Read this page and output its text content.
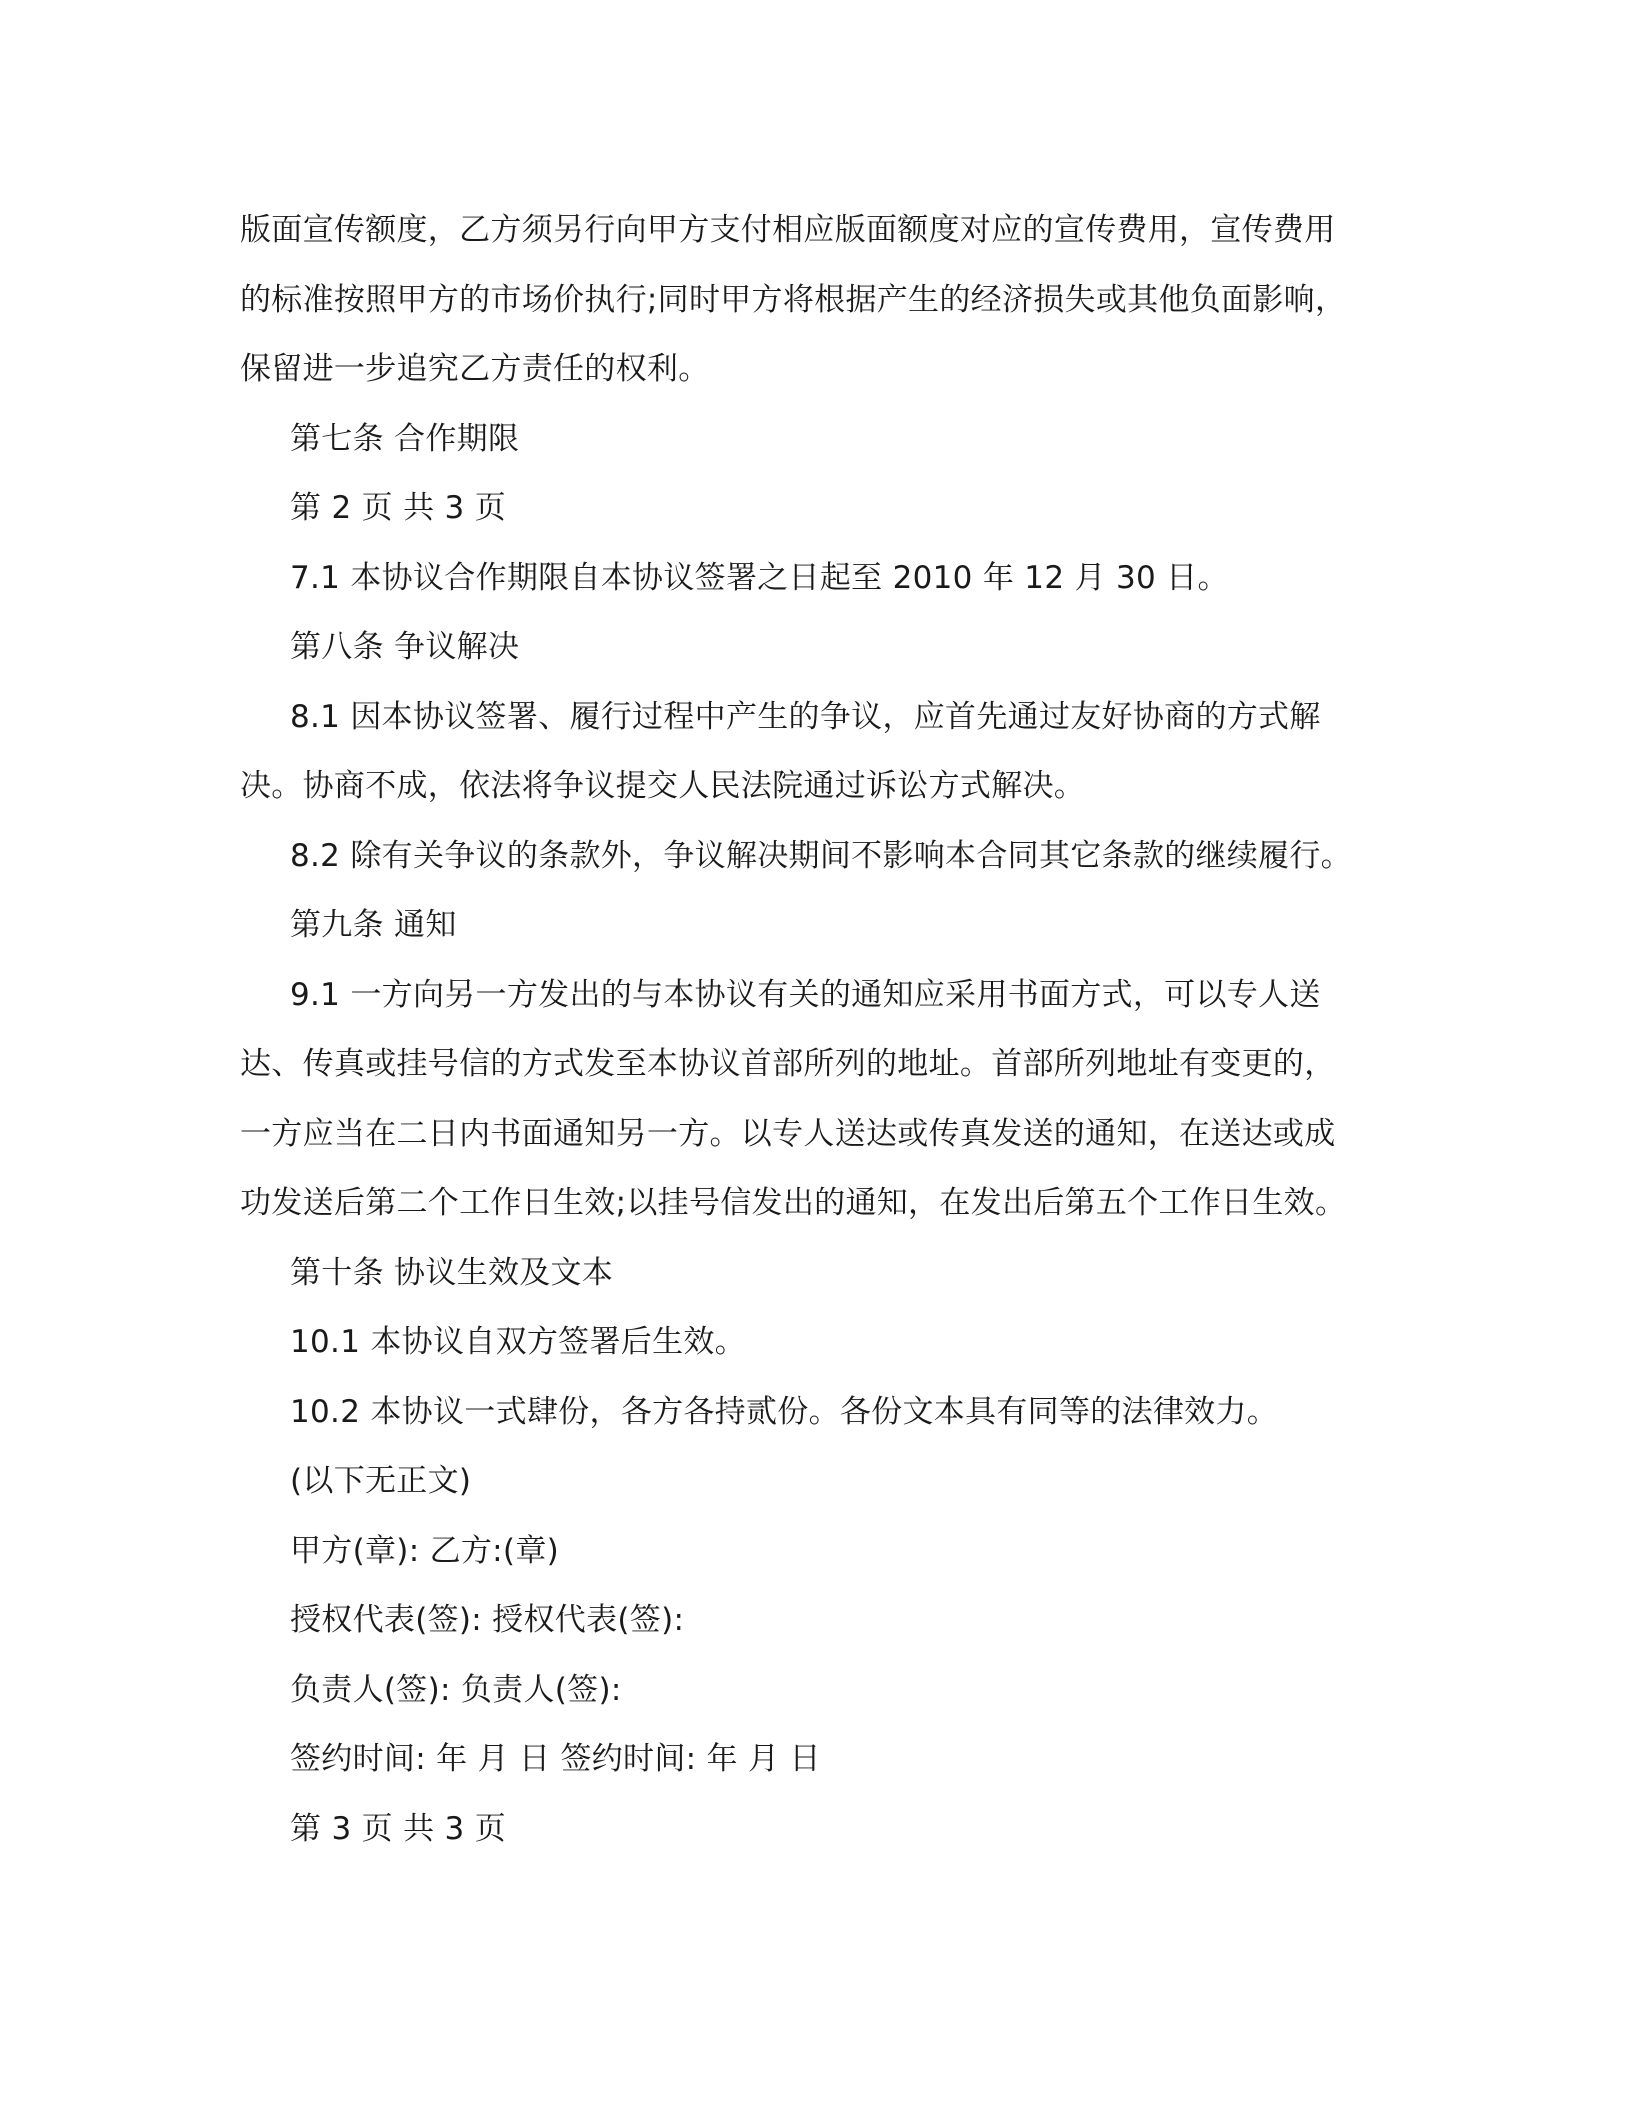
版面宣传额度，乙方须另行向甲方支付相应版面额度对应的宣传费用，宣传费用

的标准按照甲方的市场价执行;同时甲方将根据产生的经济损失或其他负面影响，

保留进一步追究乙方责任的权利。

第七条 合作期限

第 2 页 共 3 页

7.1 本协议合作期限自本协议签署之日起至 2010 年 12 月 30 日。

第八条 争议解决

8.1 因本协议签署、履行过程中产生的争议，应首先通过友好协商的方式解

决。协商不成，依法将争议提交人民法院通过诉讼方式解决。

8.2 除有关争议的条款外，争议解决期间不影响本合同其它条款的继续履行。

第九条 通知

9.1 一方向另一方发出的与本协议有关的通知应采用书面方式，可以专人送

达、传真或挂号信的方式发至本协议首部所列的地址。首部所列地址有变更的，

一方应当在二日内书面通知另一方。以专人送达或传真发送的通知，在送达或成

功发送后第二个工作日生效;以挂号信发出的通知，在发出后第五个工作日生效。

第十条 协议生效及文本

10.1 本协议自双方签署后生效。

10.2 本协议一式肆份，各方各持贰份。各份文本具有同等的法律效力。

(以下无正文)

甲方(章): 乙方:(章)

授权代表(签): 授权代表(签):

负责人(签): 负责人(签):

签约时间: 年 月 日 签约时间: 年 月 日

第 3 页 共 3 页
